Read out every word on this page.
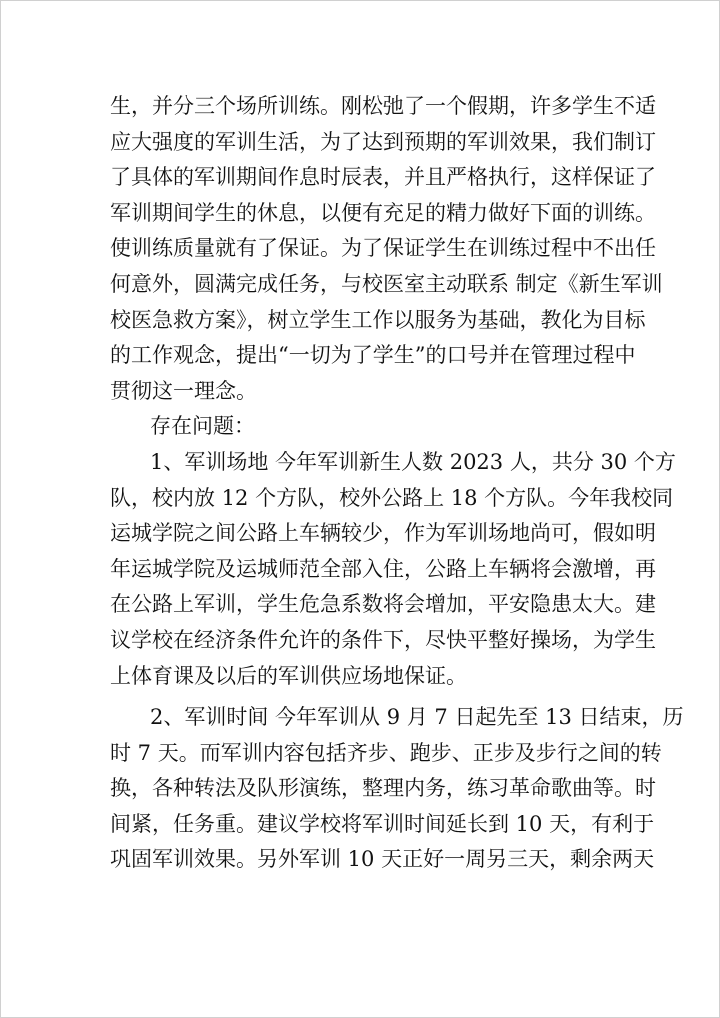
生，并分三个场所训练。刚松弛了一个假期，许多学生不适
应大强度的军训生活，为了达到预期的军训效果，我们制订
了具体的军训期间作息时辰表，并且严格执行，这样保证了
军训期间学生的休息，以便有充足的精力做好下面的训练。
使训练质量就有了保证。为了保证学生在训练过程中不出任
何意外，圆满完成任务，与校医室主动联系 制定《新生军训
校医急救方案》，树立学生工作以服务为基础，教化为目标
的工作观念，提出“一切为了学生”的口号并在管理过程中
贯彻这一理念。
存在问题：
1、军训场地 今年军训新生人数 2023 人，共分 30 个方
队，校内放 12 个方队，校外公路上 18 个方队。今年我校同
运城学院之间公路上车辆较少，作为军训场地尚可，假如明
年运城学院及运城师范全部入住，公路上车辆将会激增，再
在公路上军训，学生危急系数将会增加，平安隐患太大。建
议学校在经济条件允许的条件下，尽快平整好操场，为学生
上体育课及以后的军训供应场地保证。
2、军训时间 今年军训从 9 月 7 日起先至 13 日结束，历
时 7 天。而军训内容包括齐步、跑步、正步及步行之间的转
换，各种转法及队形演练，整理内务，练习革命歌曲等。时
间紧，任务重。建议学校将军训时间延长到 10 天，有利于
巩固军训效果。另外军训 10 天正好一周另三天，剩余两天
